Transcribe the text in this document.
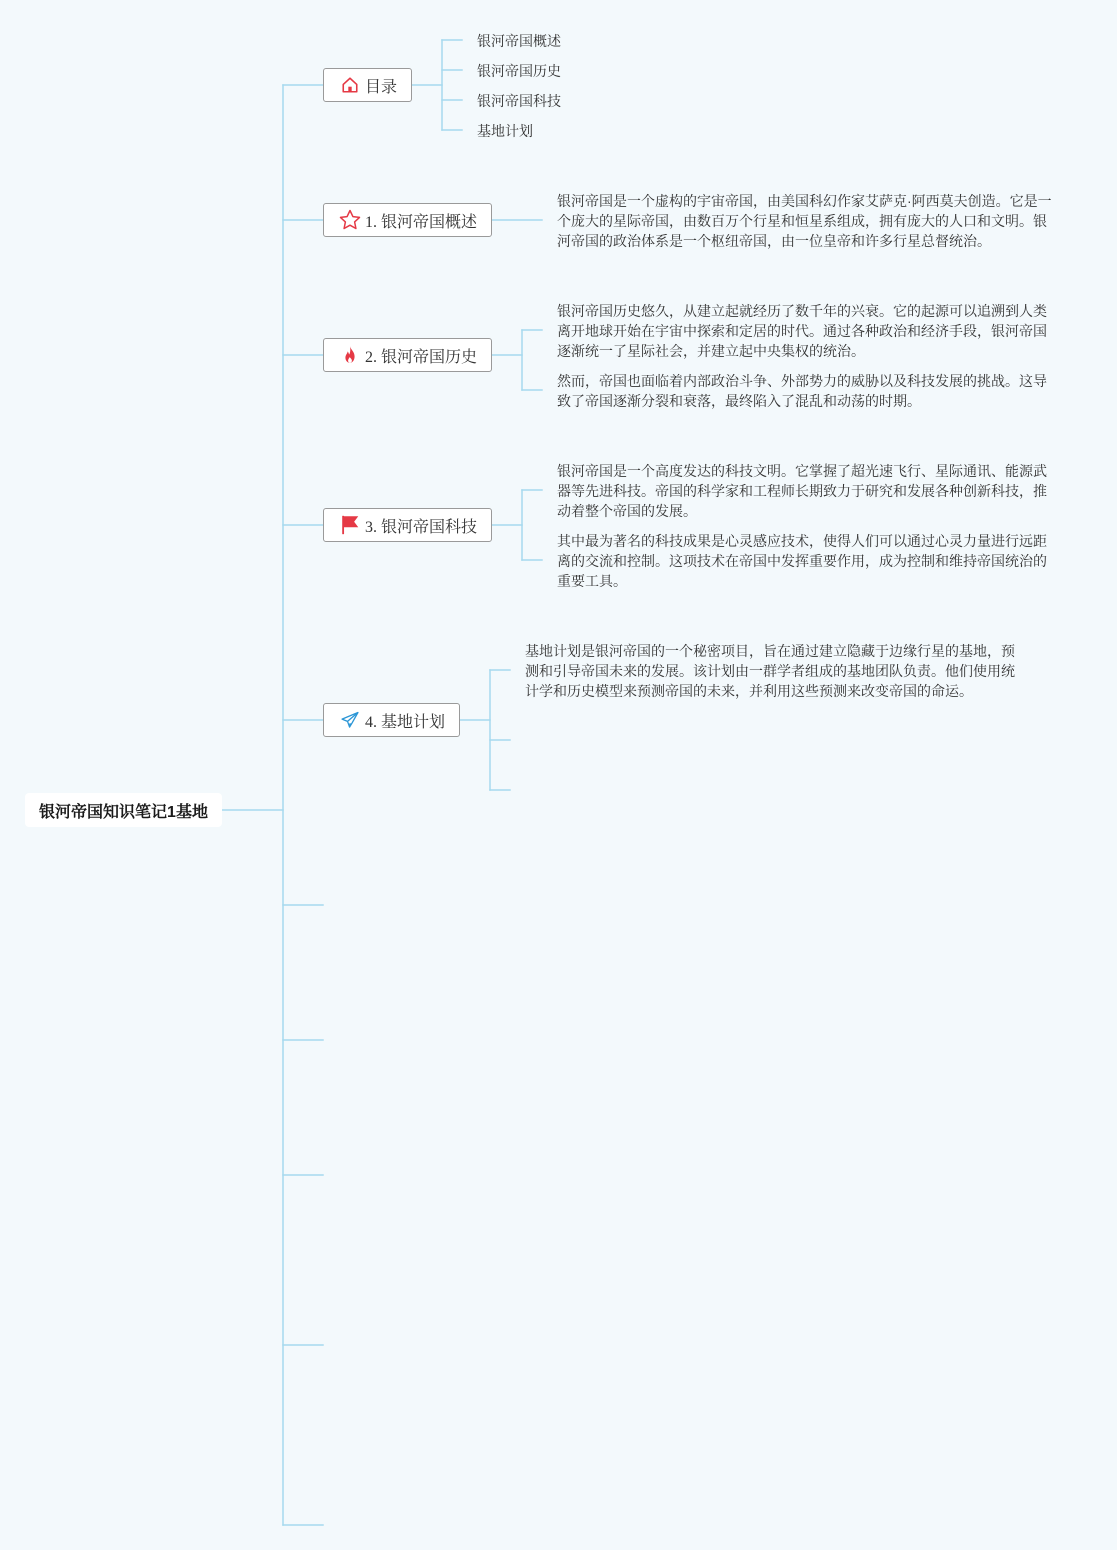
银河帝国知识笔记1基地
目录
银河帝国概述
银河帝国历史
银河帝国科技
基地计划
1. 银河帝国概述
银河帝国是一个虚构的宇宙帝国，由美国科幻作家艾萨克·阿西莫夫创造。它是一个庞大的星际帝国，由数百万个行星和恒星系组成，拥有庞大的人口和文明。银河帝国的政治体系是一个枢纽帝国，由一位皇帝和许多行星总督统治。
2. 银河帝国历史
银河帝国历史悠久，从建立起就经历了数千年的兴衰。它的起源可以追溯到人类离开地球开始在宇宙中探索和定居的时代。通过各种政治和经济手段，银河帝国逐渐统一了星际社会，并建立起中央集权的统治。
然而，帝国也面临着内部政治斗争、外部势力的威胁以及科技发展的挑战。这导致了帝国逐渐分裂和衰落，最终陷入了混乱和动荡的时期。
3. 银河帝国科技
银河帝国是一个高度发达的科技文明。它掌握了超光速飞行、星际通讯、能源武器等先进科技。帝国的科学家和工程师长期致力于研究和发展各种创新科技，推动着整个帝国的发展。
其中最为著名的科技成果是心灵感应技术，使得人们可以通过心灵力量进行远距离的交流和控制。这项技术在帝国中发挥重要作用，成为控制和维持帝国统治的重要工具。
4. 基地计划
基地计划是银河帝国的一个秘密项目，旨在通过建立隐藏于边缘行星的基地，预测和引导帝国未来的发展。该计划由一群学者组成的基地团队负责。他们使用统计学和历史模型来预测帝国的未来，并利用这些预测来改变帝国的命运。
